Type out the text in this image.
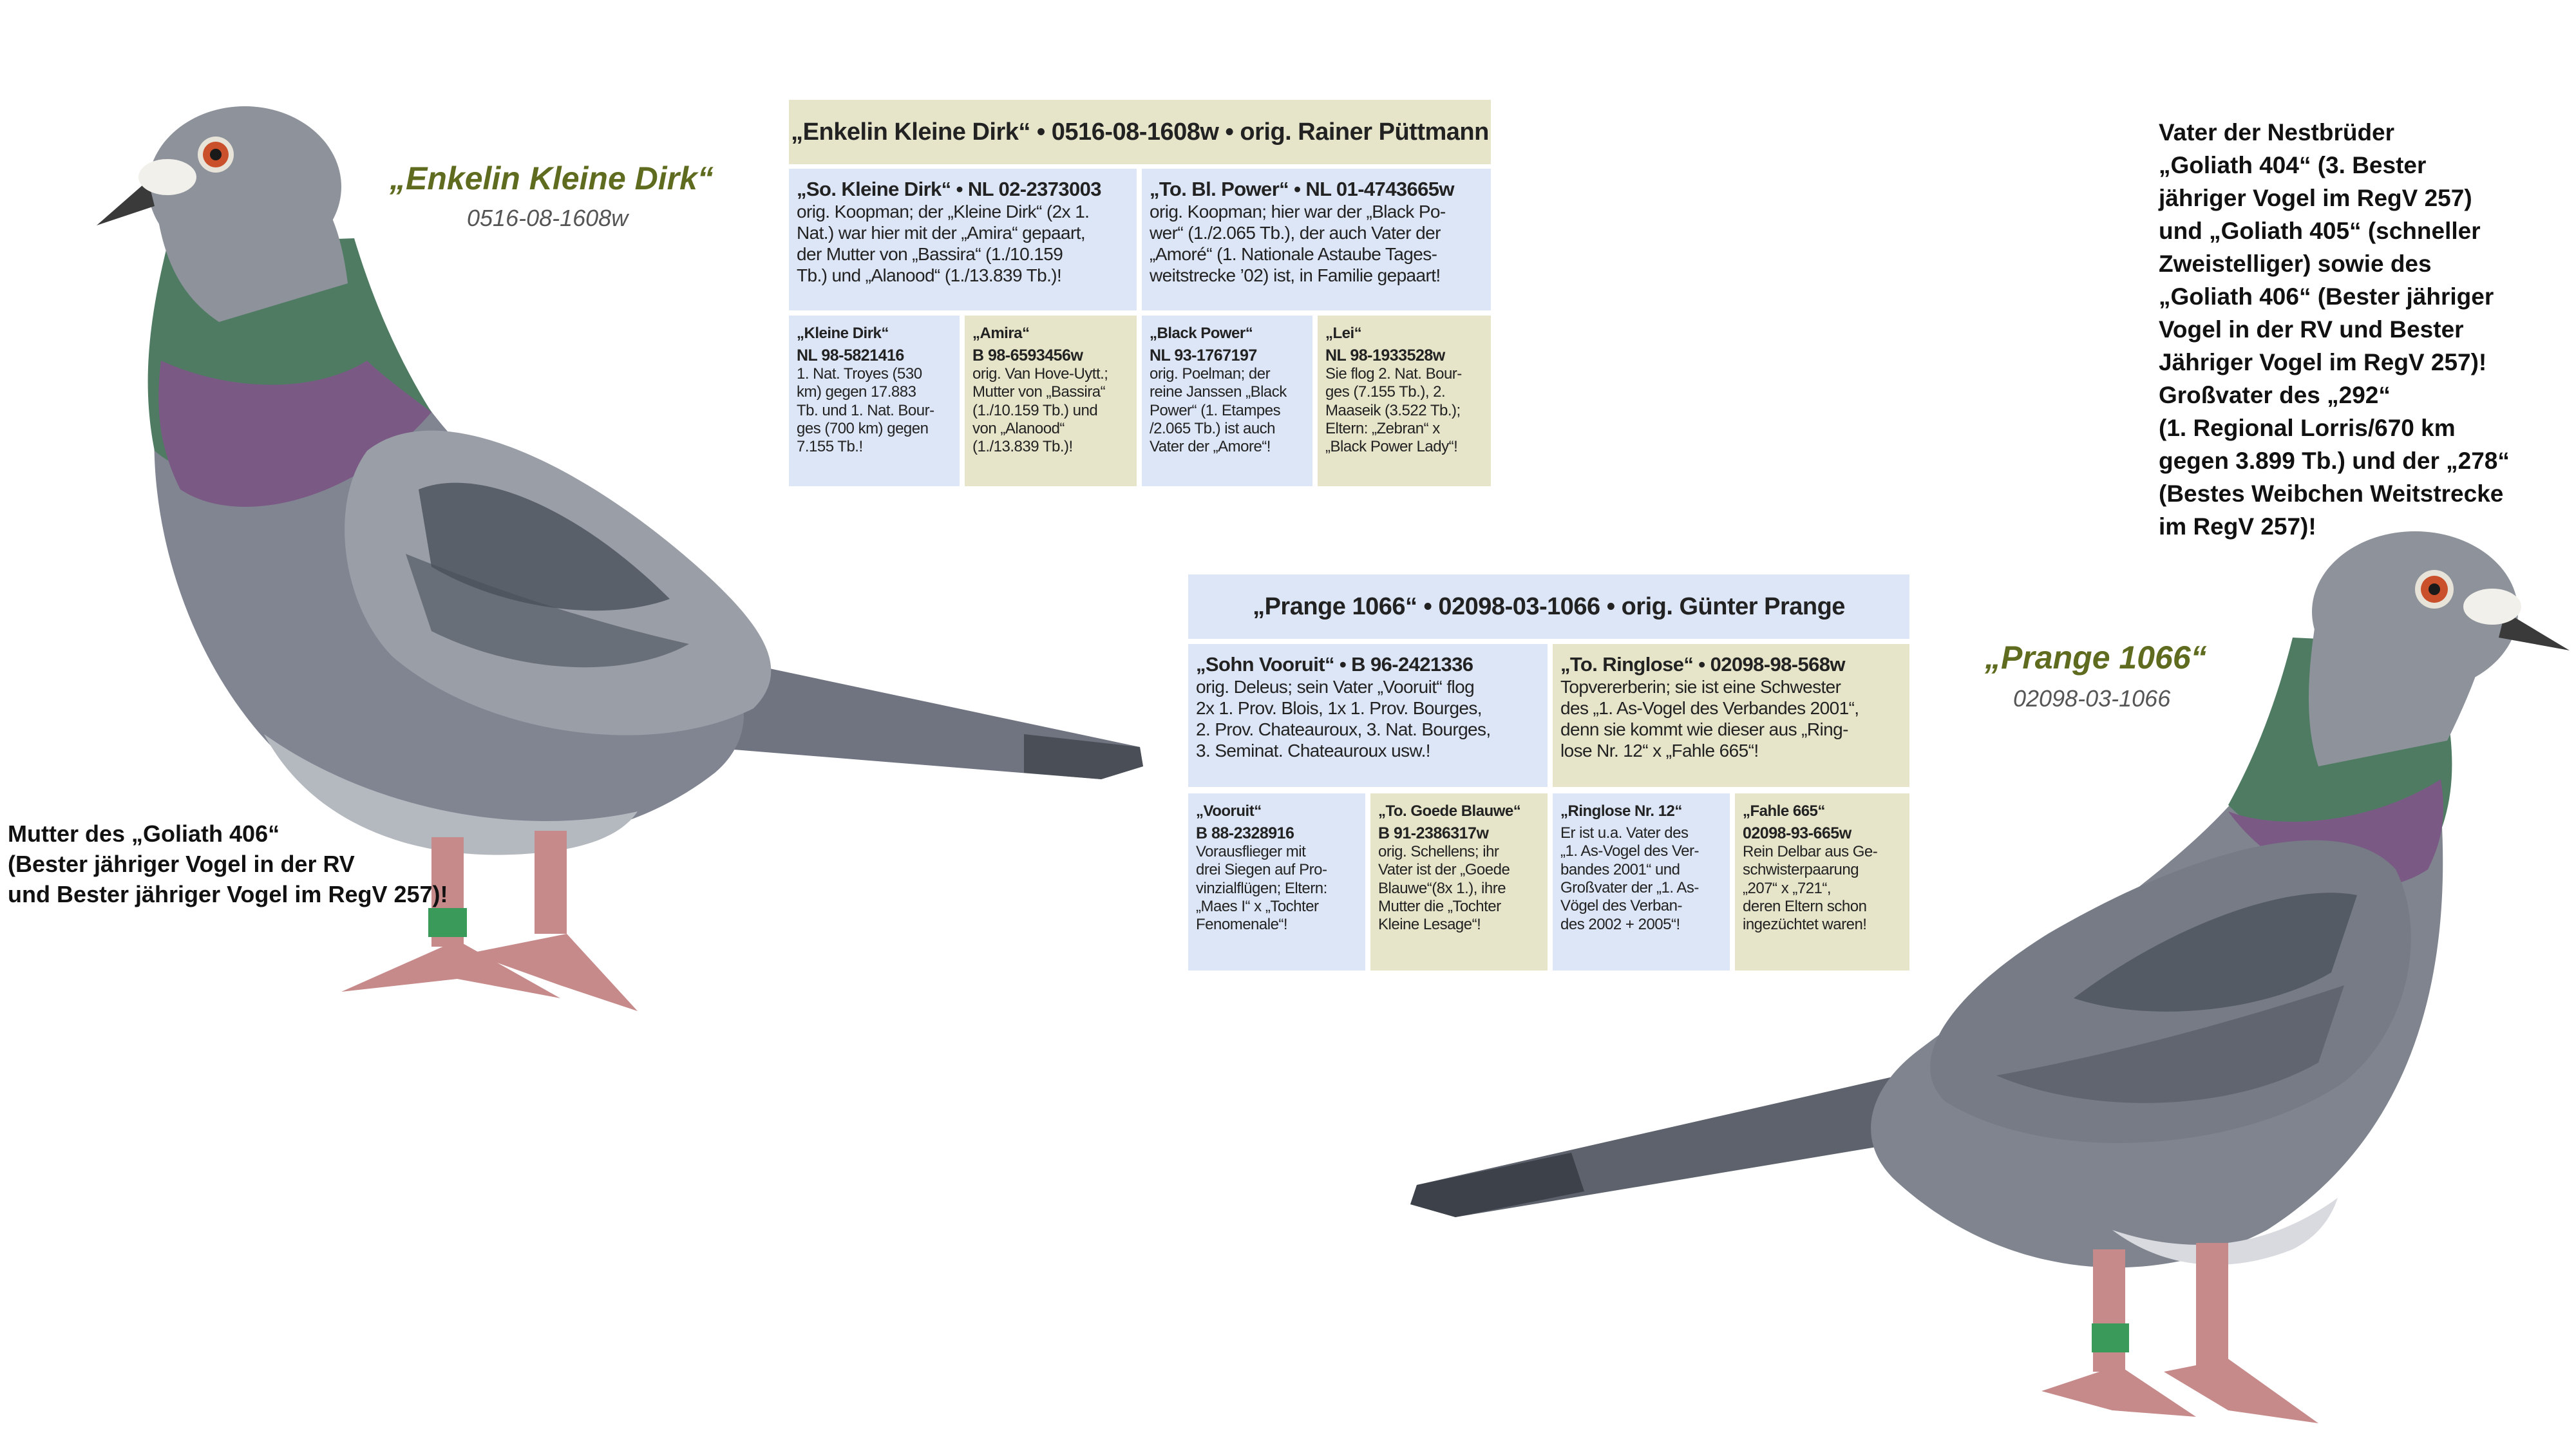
„Enkelin Kleine Dirk“
0516-08-1608w
Mutter des „Goliath 406“
(Bester jähriger Vogel in der RV
und Bester jähriger Vogel im RegV 257)!
„Prange 1066“
02098-03-1066
Vater der Nestbrüder
„Goliath 404“ (3. Bester
jähriger Vogel im RegV 257)
und „Goliath 405“ (schneller
Zweistelliger) sowie des
„Goliath 406“ (Bester jähriger
Vogel in der RV und Bester
Jähriger Vogel im RegV 257)!
Großvater des „292“
(1. Regional Lorris/670 km
gegen 3.899 Tb.) und der „278“
(Bestes Weibchen Weitstrecke
im RegV 257)!
„Enkelin Kleine Dirk“ • 0516-08-1608w • orig. Rainer Püttmann
„So. Kleine Dirk“ • NL 02-2373003
orig. Koopman; der „Kleine Dirk“ (2x 1.
Nat.) war hier mit der „Amira“ gepaart,
der Mutter von „Bassira“ (1./10.159
Tb.) und „Alanood“ (1./13.839 Tb.)!
„To. Bl. Power“ • NL 01-4743665w
orig. Koopman; hier war der „Black Po-
wer“ (1./2.065 Tb.), der auch Vater der
„Amoré“ (1. Nationale Astaube Tages-
weitstrecke ’02) ist, in Familie gepaart!
„Kleine Dirk“
NL 98-5821416
1. Nat. Troyes (530
km) gegen 17.883
Tb. und 1. Nat. Bour-
ges (700 km) gegen
7.155 Tb.!
„Amira“
B 98-6593456w
orig. Van Hove-Uytt.;
Mutter von „Bassira“
(1./10.159 Tb.) und
von „Alanood“
(1./13.839 Tb.)!
„Black Power“
NL 93-1767197
orig. Poelman; der
reine Janssen „Black
Power“ (1. Etampes
/2.065 Tb.) ist auch
Vater der „Amore“!
„Lei“
NL 98-1933528w
Sie flog 2. Nat. Bour-
ges (7.155 Tb.), 2.
Maaseik (3.522 Tb.);
Eltern: „Zebran“ x
„Black Power Lady“!
„Prange 1066“ • 02098-03-1066 • orig. Günter Prange
„Sohn Vooruit“ • B 96-2421336
orig. Deleus; sein Vater „Vooruit“ flog
2x 1. Prov. Blois, 1x 1. Prov. Bourges,
2. Prov. Chateauroux, 3. Nat. Bourges,
3. Seminat. Chateauroux usw.!
„To. Ringlose“ • 02098-98-568w
Topvererberin; sie ist eine Schwester
des „1. As-Vogel des Verbandes 2001“,
denn sie kommt wie dieser aus „Ring-
lose Nr. 12“ x „Fahle 665“!
„Vooruit“
B 88-2328916
Vorausflieger mit
drei Siegen auf Pro-
vinzialflügen; Eltern:
„Maes I“ x „Tochter
Fenomenale“!
„To. Goede Blauwe“
B 91-2386317w
orig. Schellens; ihr
Vater ist der „Goede
Blauwe“(8x 1.), ihre
Mutter die „Tochter
Kleine Lesage“!
„Ringlose Nr. 12“
Er ist u.a. Vater des
„1. As-Vogel des Ver-
bandes 2001“ und
Großvater der „1. As-
Vögel des Verban-
des 2002 + 2005“!
„Fahle 665“
02098-93-665w
Rein Delbar aus Ge-
schwisterpaarung
„207“ x „721“,
deren Eltern schon
ingezüchtet waren!
